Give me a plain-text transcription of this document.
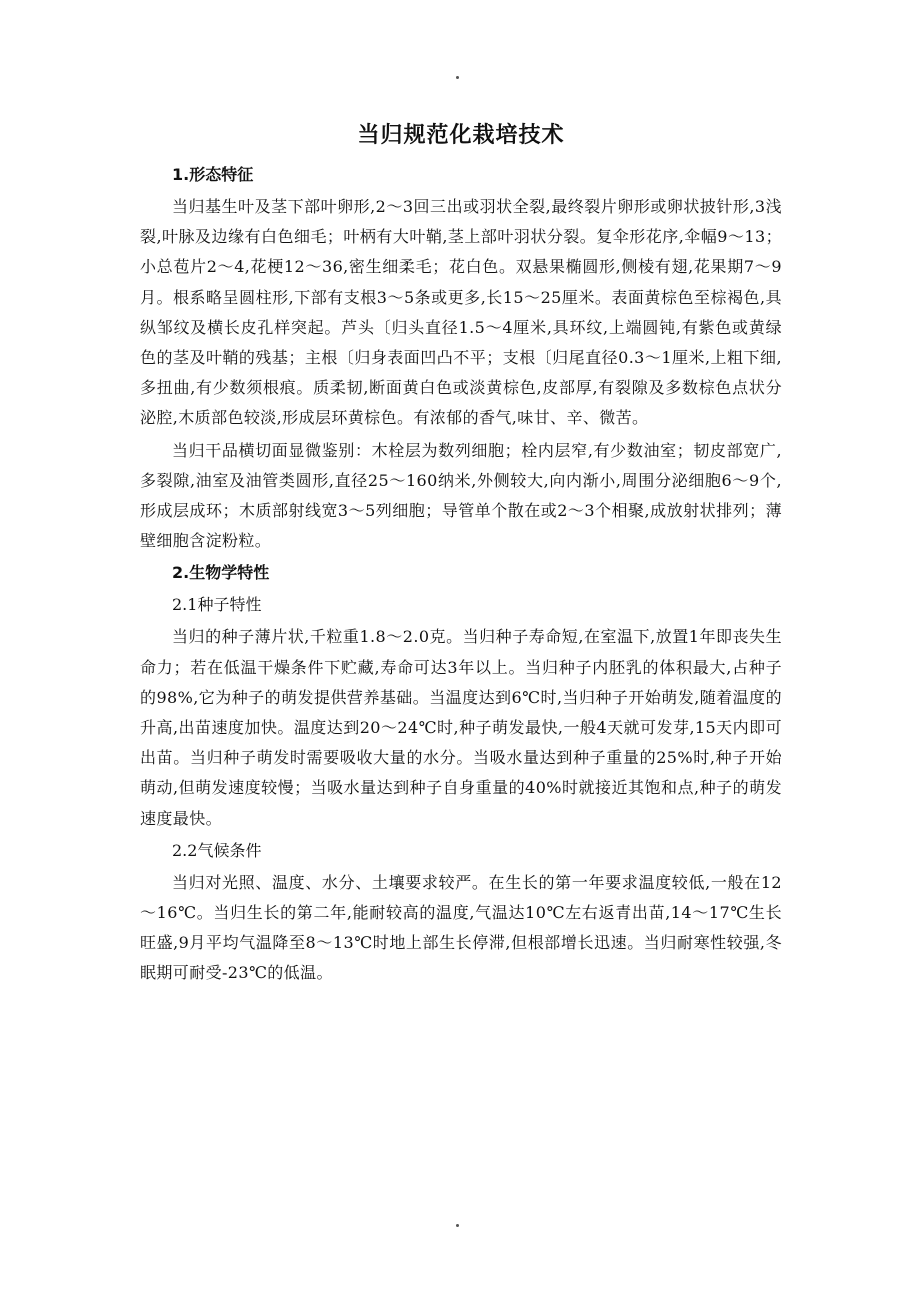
当归规范化栽培技术
1.形态特征

当归基生叶及茎下部叶卵形,2～3回三出或羽状全裂,最终裂片卵形或卵状披针形,3浅裂,叶脉及边缘有白色细毛；叶柄有大叶鞘,茎上部叶羽状分裂。复伞形花序,伞幅9～13；小总苞片2～4,花梗12～36,密生细柔毛；花白色。双悬果椭圆形,侧棱有翅,花果期7～9月。根系略呈圆柱形,下部有支根3～5条或更多,长15～25厘米。表面黄棕色至棕褐色,具纵邹纹及横长皮孔样突起。芦头〔归头直径1.5～4厘米,具环纹,上端圆钝,有紫色或黄绿色的茎及叶鞘的残基；主根〔归身表面凹凸不平；支根〔归尾直径0.3～1厘米,上粗下细,多扭曲,有少数须根痕。质柔韧,断面黄白色或淡黄棕色,皮部厚,有裂隙及多数棕色点状分泌腔,木质部色较淡,形成层环黄棕色。有浓郁的香气,味甘、辛、微苦。

当归干品横切面显微鉴别：木栓层为数列细胞；栓内层窄,有少数油室；韧皮部宽广,多裂隙,油室及油管类圆形,直径25～160纳米,外侧较大,向内渐小,周围分泌细胞6～9个,形成层成环；木质部射线宽3～5列细胞；导管单个散在或2～3个相聚,成放射状排列；薄壁细胞含淀粉粒。

2.生物学特性
2.1种子特性

当归的种子薄片状,千粒重1.8～2.0克。当归种子寿命短,在室温下,放置1年即丧失生命力；若在低温干燥条件下贮藏,寿命可达3年以上。当归种子内胚乳的体积最大,占种子的98%,它为种子的萌发提供营养基础。当温度达到6℃时,当归种子开始萌发,随着温度的升高,出苗速度加快。温度达到20～24℃时,种子萌发最快,一般4天就可发芽,15天内即可出苗。当归种子萌发时需要吸收大量的水分。当吸水量达到种子重量的25%时,种子开始萌动,但萌发速度较慢；当吸水量达到种子自身重量的40%时就接近其饱和点,种子的萌发速度最快。

2.2气候条件

当归对光照、温度、水分、土壤要求较严。在生长的第一年要求温度较低,一般在12～16℃。当归生长的第二年,能耐较高的温度,气温达10℃左右返青出苗,14～17℃生长旺盛,9月平均气温降至8～13℃时地上部生长停滞,但根部增长迅速。当归耐寒性较强,冬眠期可耐受-23℃的低温。
